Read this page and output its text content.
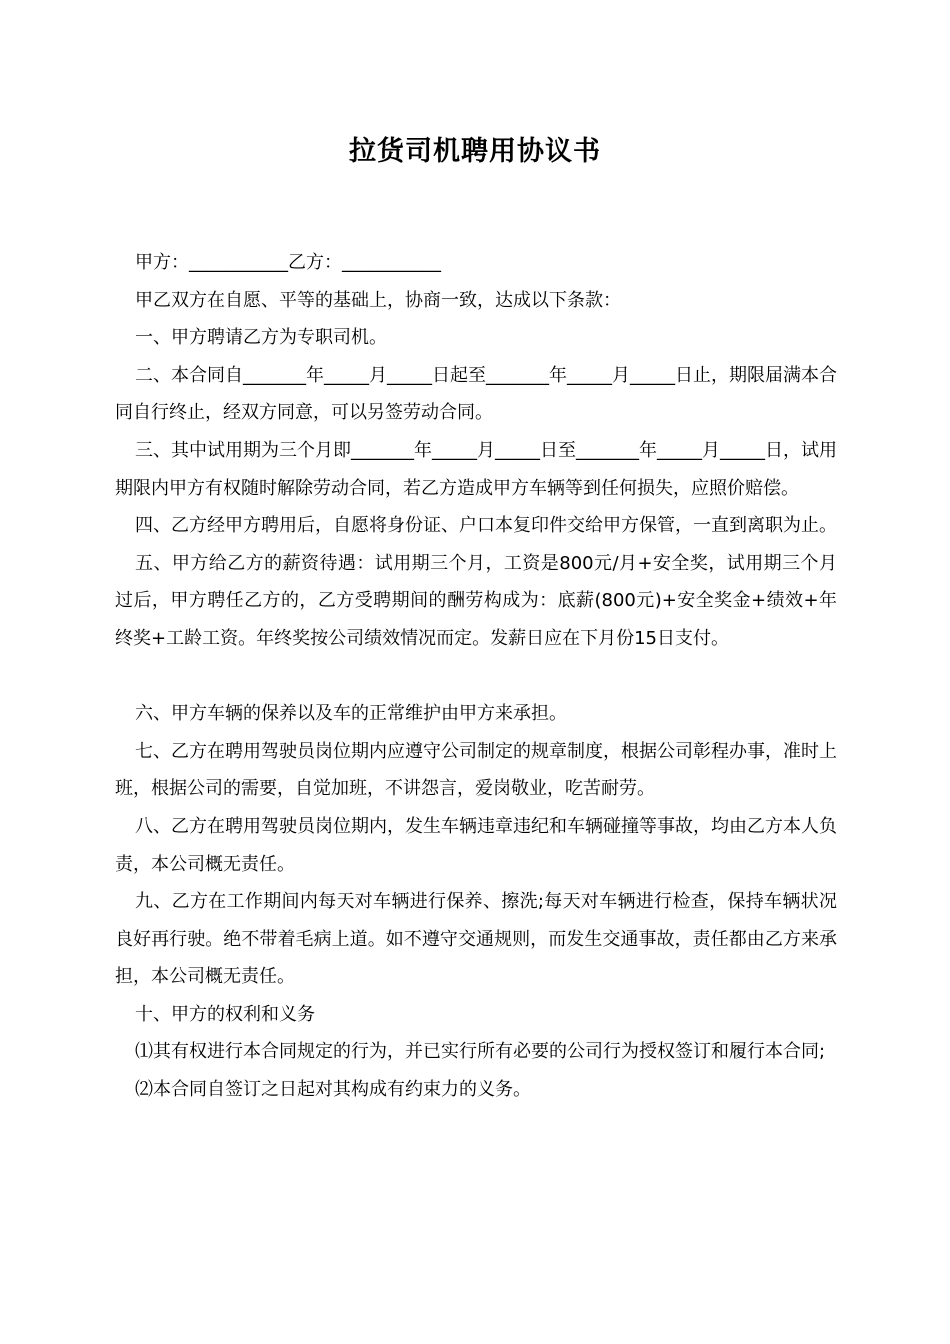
拉货司机聘用协议书

甲方：___________乙方：___________

甲乙双方在自愿、平等的基础上，协商一致，达成以下条款：

一、甲方聘请乙方为专职司机。

二、本合同自_______年_____月_____日起至_______年_____月_____日止，期限届满本合同自行终止，经双方同意，可以另签劳动合同。

三、其中试用期为三个月即_______年_____月_____日至_______年_____月_____日，试用期限内甲方有权随时解除劳动合同，若乙方造成甲方车辆等到任何损失，应照价赔偿。

四、乙方经甲方聘用后，自愿将身份证、户口本复印件交给甲方保管，一直到离职为止。

五、甲方给乙方的薪资待遇：试用期三个月，工资是800元/月+安全奖，试用期三个月过后，甲方聘任乙方的，乙方受聘期间的酬劳构成为：底薪(800元)+安全奖金+绩效+年终奖+工龄工资。年终奖按公司绩效情况而定。发薪日应在下月份15日支付。

六、甲方车辆的保养以及车的正常维护由甲方来承担。

七、乙方在聘用驾驶员岗位期内应遵守公司制定的规章制度，根据公司彰程办事，准时上班，根据公司的需要，自觉加班，不讲怨言，爱岗敬业，吃苦耐劳。

八、乙方在聘用驾驶员岗位期内，发生车辆违章违纪和车辆碰撞等事故，均由乙方本人负责，本公司概无责任。

九、乙方在工作期间内每天对车辆进行保养、擦洗;每天对车辆进行检查，保持车辆状况良好再行驶。绝不带着毛病上道。如不遵守交通规则，而发生交通事故，责任都由乙方来承担，本公司概无责任。

十、甲方的权利和义务

⑴其有权进行本合同规定的行为，并已实行所有必要的公司行为授权签订和履行本合同;

⑵本合同自签订之日起对其构成有约束力的义务。
